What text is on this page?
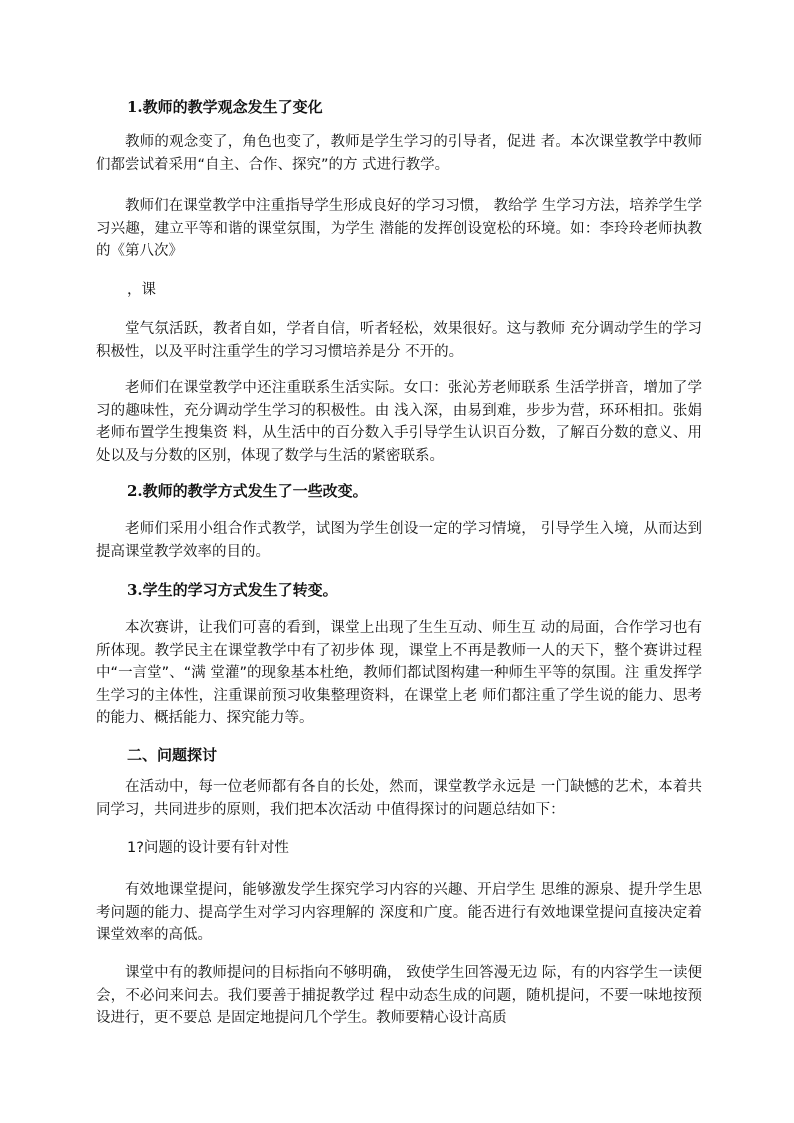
1.教师的教学观念发生了变化

教师的观念变了，角色也变了，教师是学生学习的引导者，促进 者。本次课堂教学中教师们都尝试着采用“自主、合作、探究”的方 式进行教学。

教师们在课堂教学中注重指导学生形成良好的学习习惯， 教给学 生学习方法，培养学生学习兴趣，建立平等和谐的课堂氛围，为学生 潜能的发挥创设宽松的环境。如：李玲玲老师执教的《第八次》

，课

堂气氛活跃，教者自如，学者自信，听者轻松，效果很好。这与教师 充分调动学生的学习积极性，以及平时注重学生的学习习惯培养是分 不开的。

老师们在课堂教学中还注重联系生活实际。女口：张沁芳老师联系 生活学拼音，增加了学习的趣味性，充分调动学生学习的积极性。由 浅入深，由易到难，步步为营，环环相扣。张娟老师布置学生搜集资 料，从生活中的百分数入手引导学生认识百分数，了解百分数的意义、用处以及与分数的区别，体现了数学与生活的紧密联系。

2.教师的教学方式发生了一些改变。

老师们采用小组合作式教学，试图为学生创设一定的学习情境， 引导学生入境，从而达到提高课堂教学效率的目的。

3.学生的学习方式发生了转变。

本次赛讲，让我们可喜的看到，课堂上出现了生生互动、师生互 动的局面，合作学习也有所体现。教学民主在课堂教学中有了初步体 现，课堂上不再是教师一人的天下，整个赛讲过程中“一言堂”、“满 堂灌”的现象基本杜绝，教师们都试图构建一种师生平等的氛围。注 重发挥学生学习的主体性，注重课前预习收集整理资料，在课堂上老 师们都注重了学生说的能力、思考的能力、概括能力、探究能力等。

二、问题探讨

在活动中，每一位老师都有各自的长处，然而，课堂教学永远是 一门缺憾的艺术，本着共同学习，共同进步的原则，我们把本次活动 中值得探讨的问题总结如下：

1?问题的设计要有针对性

有效地课堂提问，能够激发学生探究学习内容的兴趣、开启学生 思维的源泉、提升学生思考问题的能力、提高学生对学习内容理解的 深度和广度。能否进行有效地课堂提问直接决定着课堂效率的高低。

课堂中有的教师提问的目标指向不够明确， 致使学生回答漫无边 际，有的内容学生一读便会，不必问来问去。我们要善于捕捉教学过 程中动态生成的问题，随机提问，不要一味地按预设进行，更不要总 是固定地提问几个学生。教师要精心设计高质
